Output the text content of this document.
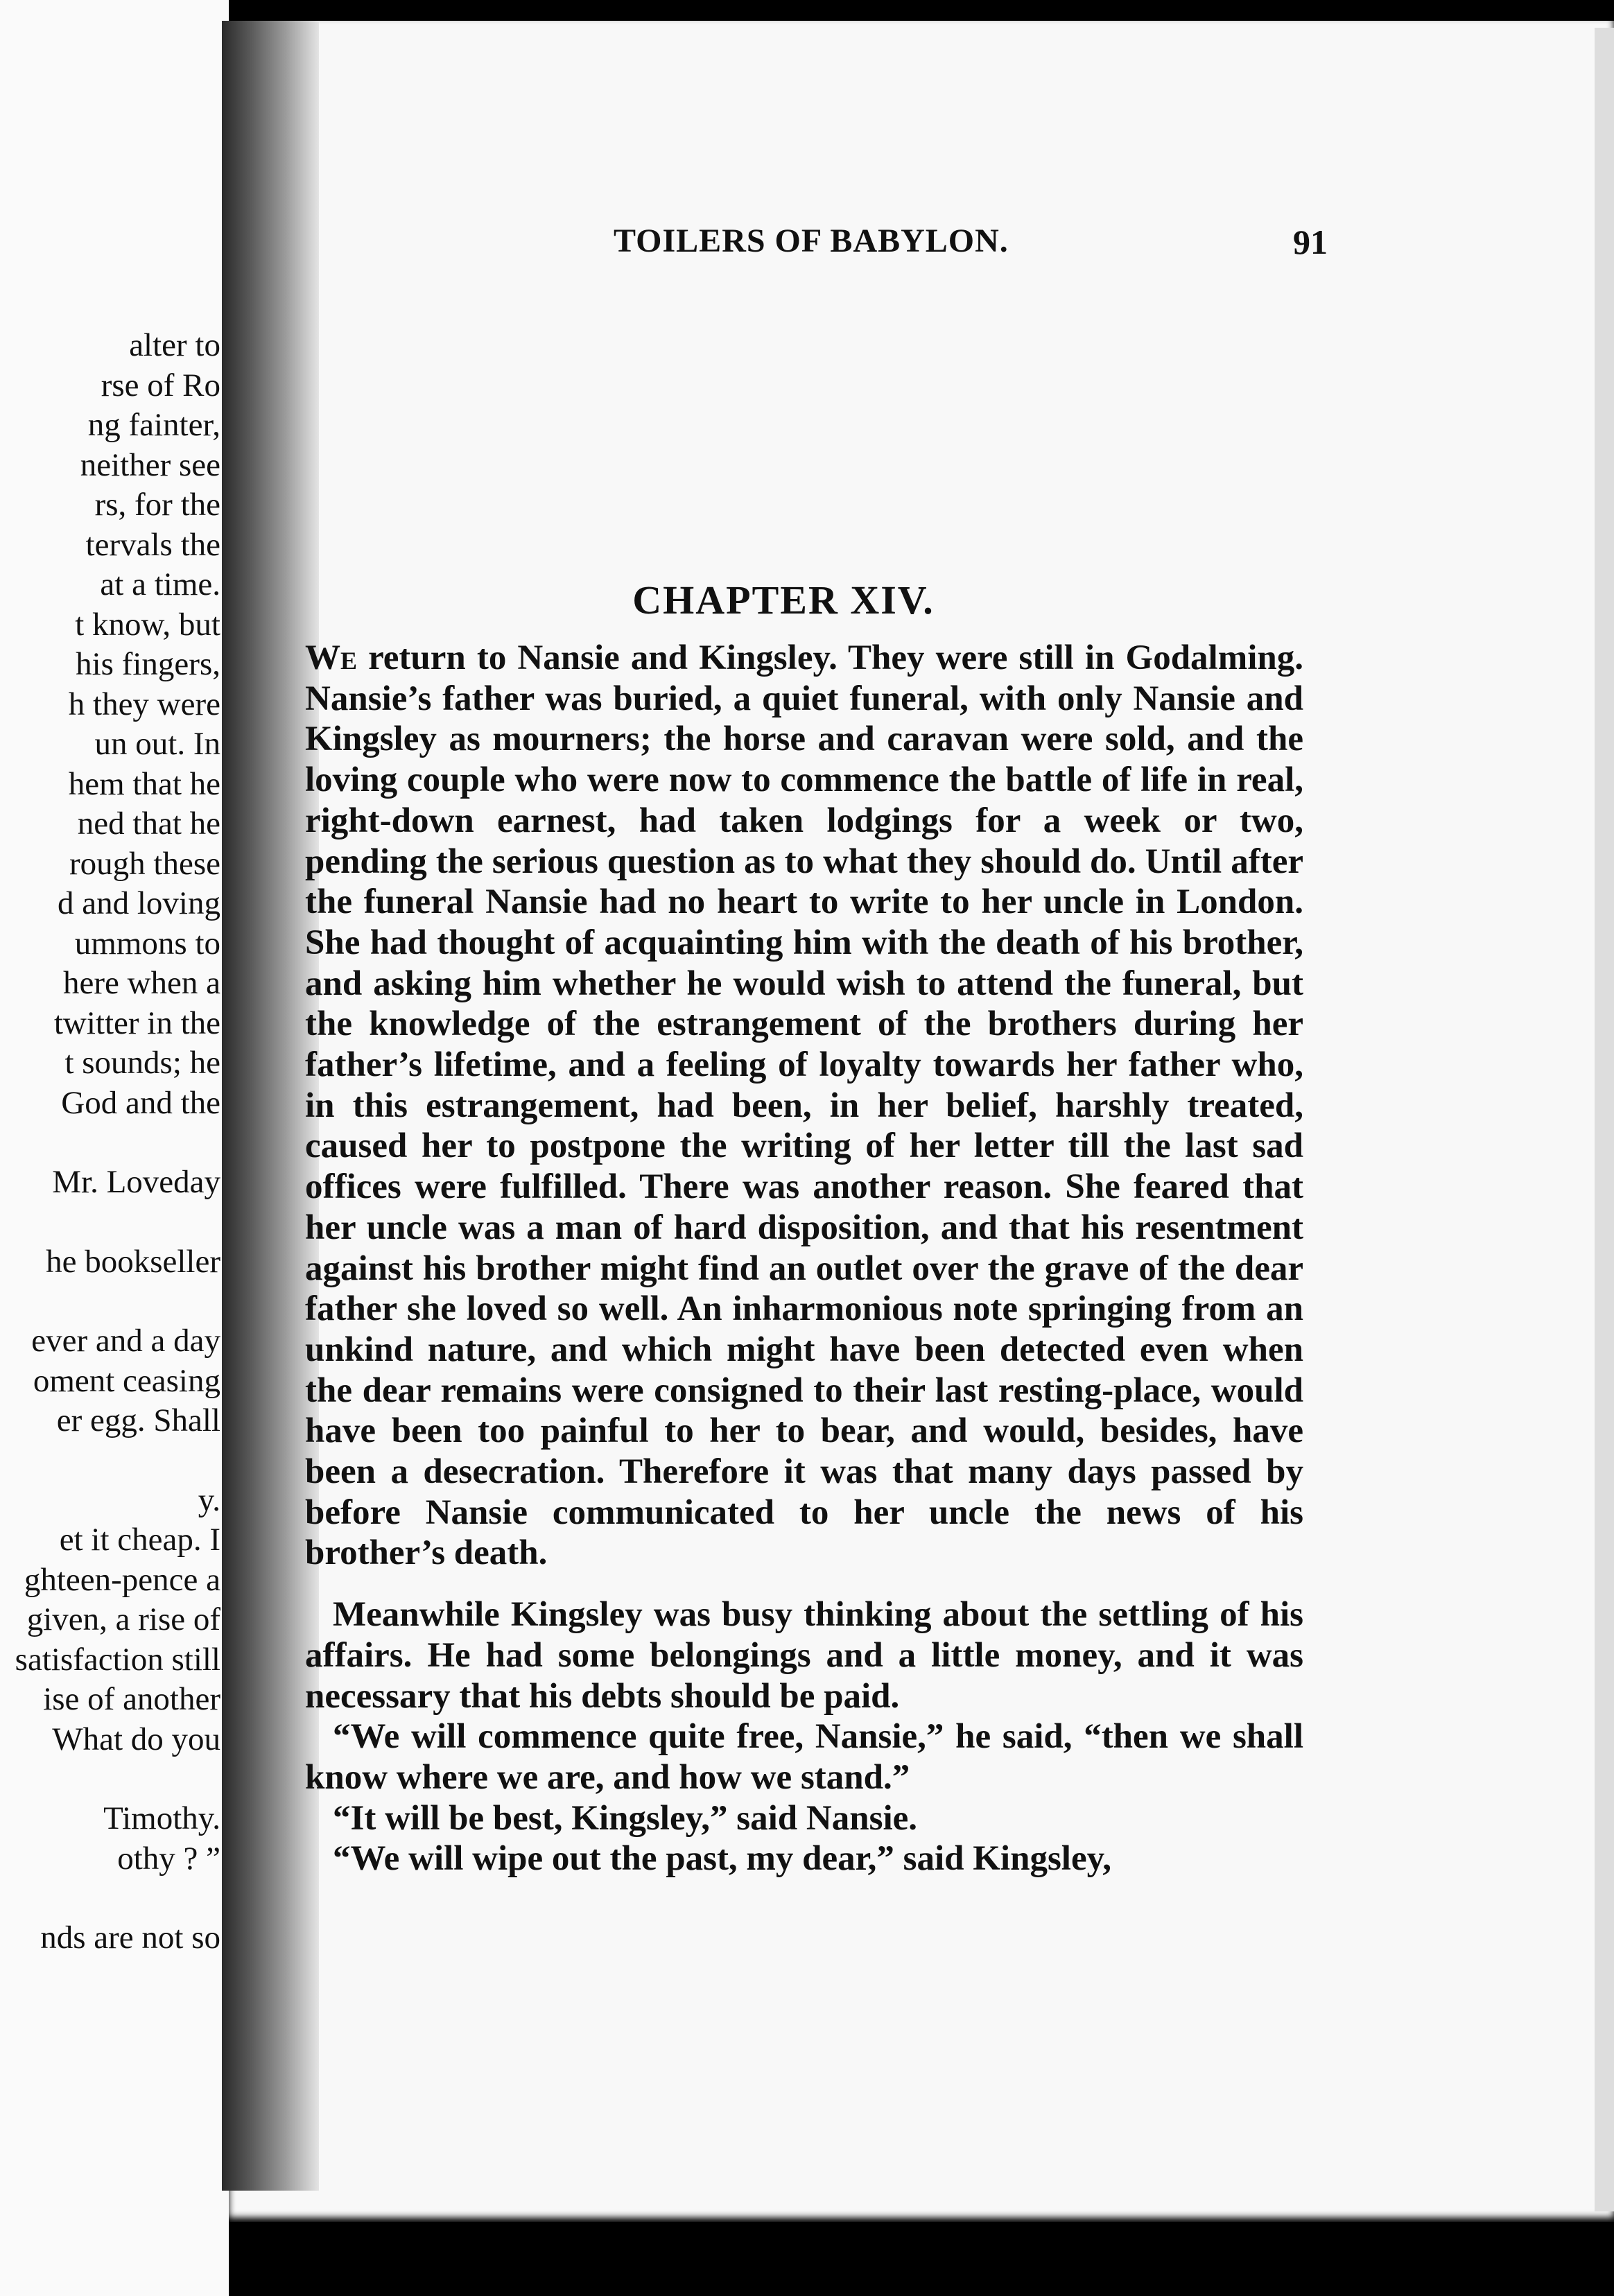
alter to
rse of Ro
ng fainter,
neither see
rs, for the
tervals the
at a time.
t know, but
his fingers,
h they were
un out. In
hem that he
ned that he
rough these
d and loving
ummons to
here when a
twitter in the
t sounds; he
God and the
Mr. Loveday
he bookseller
ever and a day
oment ceasing
er egg. Shall
y.
et it cheap. I
ghteen-pence a
given, a rise of
satisfaction still
ise of another
What do you
Timothy.
othy ? ”
nds are not so
TOILERS OF BABYLON.	91
CHAPTER XIV.

We return to Nansie and Kingsley. They were still in Godalming. Nansie’s father was buried, a quiet funeral, with only Nansie and Kingsley as mourners; the horse and caravan were sold, and the loving couple who were now to commence the battle of life in real, right-down earnest, had taken lodgings for a week or two, pending the serious question as to what they should do. Until after the funeral Nansie had no heart to write to her uncle in London. She had thought of acquainting him with the death of his brother, and asking him whether he would wish to attend the funeral, but the knowledge of the estrangement of the brothers during her father’s lifetime, and a feeling of loyalty towards her father who, in this estrangement, had been, in her belief, harshly treated, caused her to postpone the writing of her letter till the last sad offices were fulfilled. There was another reason. She feared that her uncle was a man of hard disposition, and that his resentment against his brother might find an outlet over the grave of the dear father she loved so well. An inharmonious note springing from an unkind nature, and which might have been detected even when the dear remains were consigned to their last resting-place, would have been too painful to her to bear, and would, besides, have been a desecration. Therefore it was that many days passed by before Nansie communicated to her uncle the news of his brother’s death.

Meanwhile Kingsley was busy thinking about the settling of his affairs. He had some belongings and a little money, and it was necessary that his debts should be paid.

“We will commence quite free, Nansie,” he said, “then we shall know where we are, and how we stand.”

“It will be best, Kingsley,” said Nansie.

“We will wipe out the past, my dear,” said Kingsley,
